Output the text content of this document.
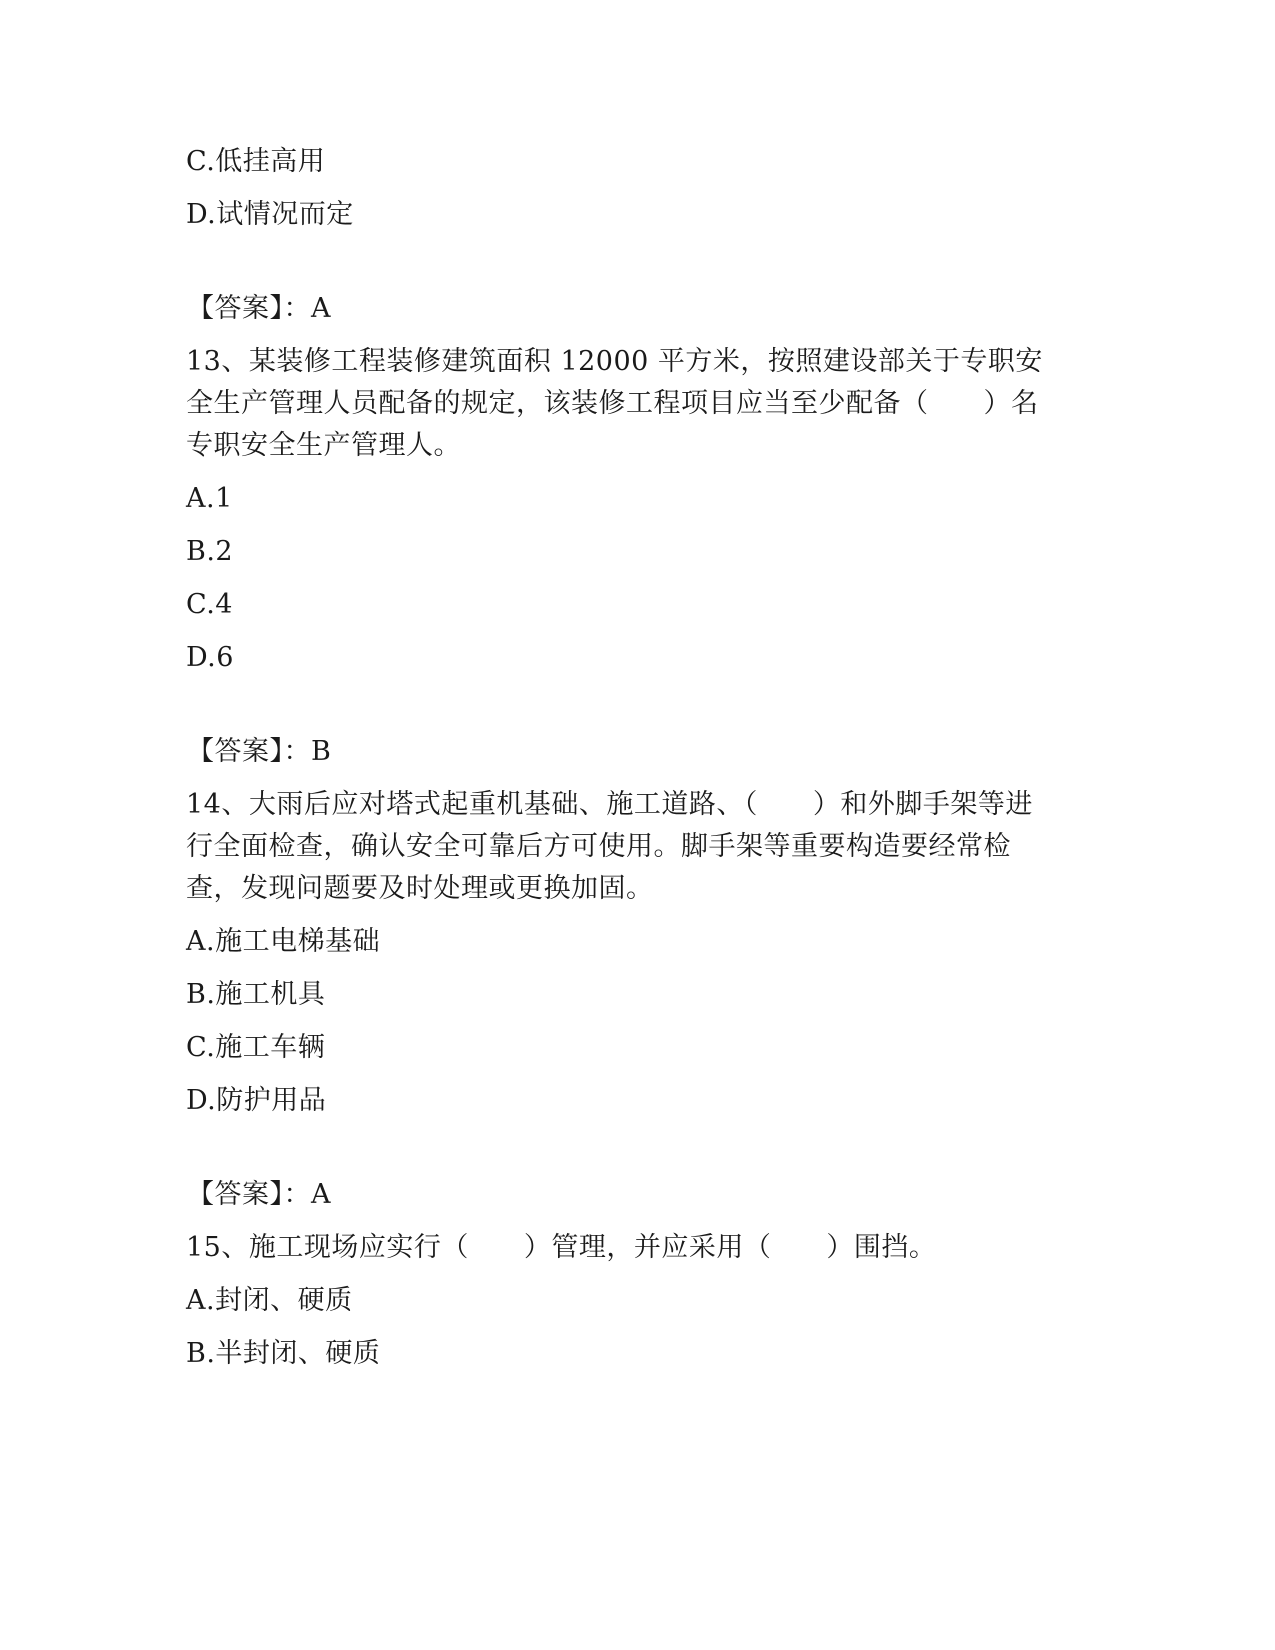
C.低挂高用
D.试情况而定
【答案】：A
13、某装修工程装修建筑面积 12000 平方米，按照建设部关于专职安
全生产管理人员配备的规定，该装修工程项目应当至少配备（　　）名
专职安全生产管理人。
A.1
B.2
C.4
D.6
【答案】：B
14、大雨后应对塔式起重机基础、施工道路、（　　）和外脚手架等进
行全面检查，确认安全可靠后方可使用。脚手架等重要构造要经常检
查，发现问题要及时处理或更换加固。
A.施工电梯基础
B.施工机具
C.施工车辆
D.防护用品
【答案】：A
15、施工现场应实行（　　）管理，并应采用（　　）围挡。
A.封闭、硬质
B.半封闭、硬质
